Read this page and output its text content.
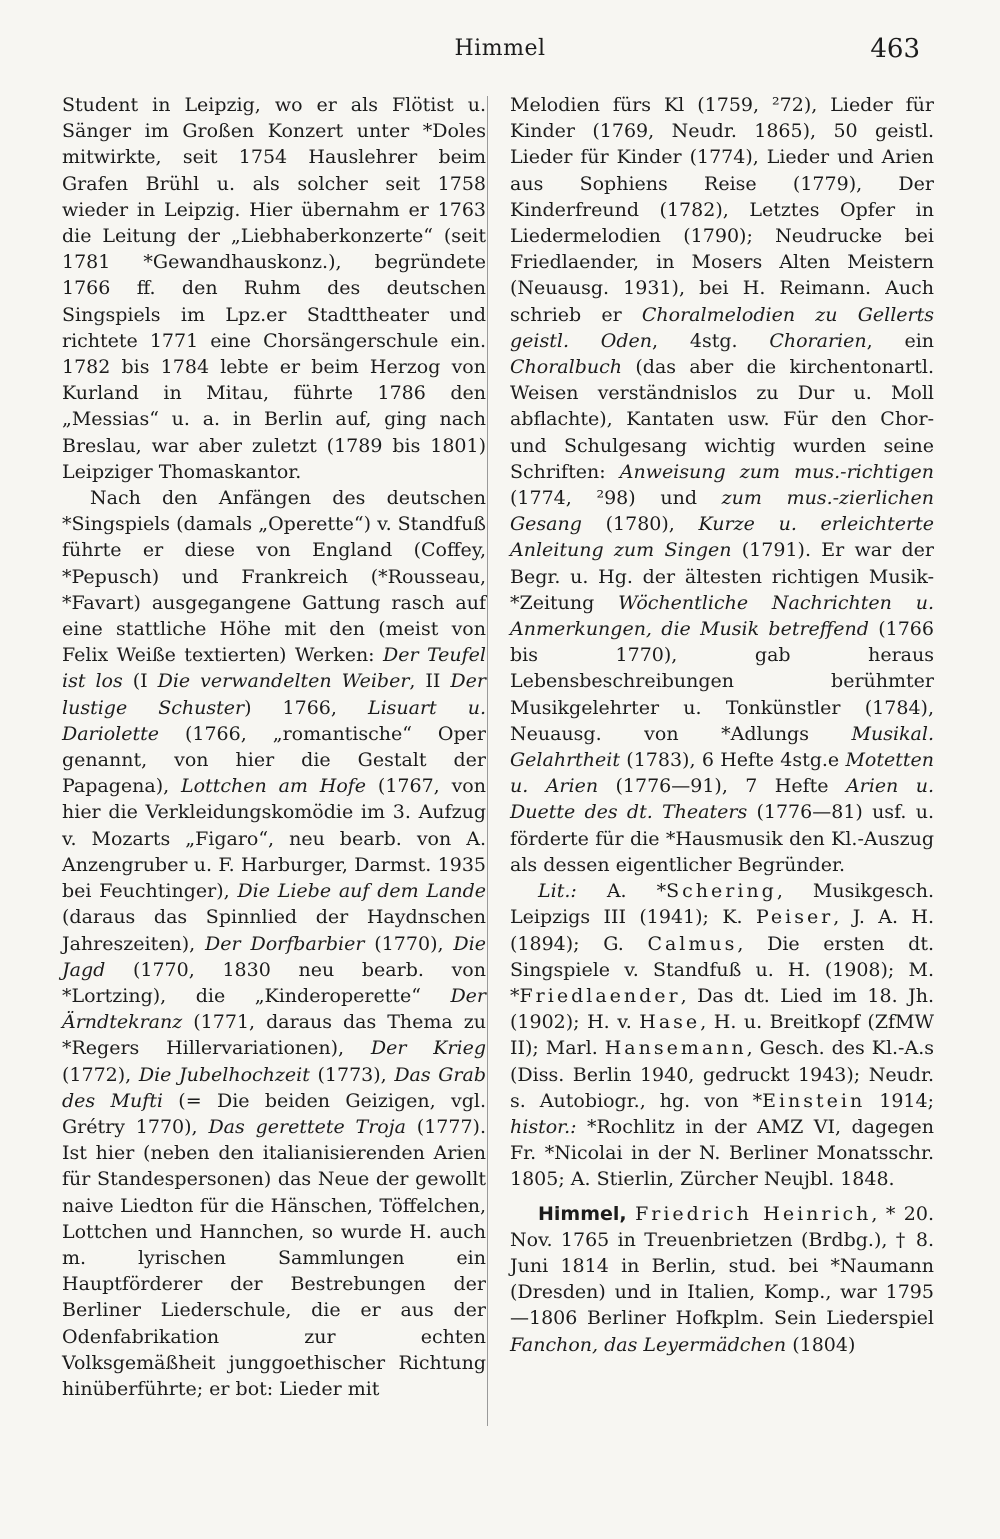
Himmel	463

Student in Leipzig, wo er als Flötist u. Sänger im Großen Konzert unter *Doles mitwirkte, seit 1754 Hauslehrer beim Grafen Brühl u. als solcher seit 1758 wieder in Leipzig. Hier übernahm er 1763 die Leitung der „Liebhaberkonzerte“ (seit 1781 *Gewandhauskonz.), begründete 1766 ff. den Ruhm des deutschen Singspiels im Lpz.er Stadttheater und richtete 1771 eine Chorsängerschule ein. 1782 bis 1784 lebte er beim Herzog von Kurland in Mitau, führte 1786 den „Messias“ u. a. in Berlin auf, ging nach Breslau, war aber zuletzt (1789 bis 1801) Leipziger Thomaskantor.

Nach den Anfängen des deutschen *Singspiels (damals „Operette“) v. Standfuß führte er diese von England (Coffey, *Pepusch) und Frankreich (*Rousseau, *Favart) ausgegangene Gattung rasch auf eine stattliche Höhe mit den (meist von Felix Weiße textierten) Werken: Der Teufel ist los (I Die verwandelten Weiber, II Der lustige Schuster) 1766, Lisuart u. Dariolette (1766, „romantische“ Oper genannt, von hier die Gestalt der Papagena), Lottchen am Hofe (1767, von hier die Verkleidungskomödie im 3. Aufzug v. Mozarts „Figaro“, neu bearb. von A. Anzengruber u. F. Harburger, Darmst. 1935 bei Feuchtinger), Die Liebe auf dem Lande (daraus das Spinnlied der Haydnschen Jahreszeiten), Der Dorfbarbier (1770), Die Jagd (1770, 1830 neu bearb. von *Lortzing), die „Kinderoperette“ Der Ärndtekranz (1771, daraus das Thema zu *Regers Hillervariationen), Der Krieg (1772), Die Jubelhochzeit (1773), Das Grab des Mufti (= Die beiden Geizigen, vgl. Grétry 1770), Das gerettete Troja (1777). Ist hier (neben den italianisierenden Arien für Standespersonen) das Neue der gewollt naive Liedton für die Hänschen, Töffelchen, Lottchen und Hannchen, so wurde H. auch m. lyrischen Sammlungen ein Hauptförderer der Bestrebungen der Berliner Liederschule, die er aus der Odenfabrikation zur echten Volksgemäßheit junggoethischer Richtung hinüberführte; er bot: Lieder mit

Melodien fürs Kl (1759, ²72), Lieder für Kinder (1769, Neudr. 1865), 50 geistl. Lieder für Kinder (1774), Lieder und Arien aus Sophiens Reise (1779), Der Kinderfreund (1782), Letztes Opfer in Liedermelodien (1790); Neudrucke bei Friedlaender, in Mosers Alten Meistern (Neuausg. 1931), bei H. Reimann. Auch schrieb er Choralmelodien zu Gellerts geistl. Oden, 4stg. Chorarien, ein Choralbuch (das aber die kirchentonartl. Weisen verständnislos zu Dur u. Moll abflachte), Kantaten usw. Für den Chor- und Schulgesang wichtig wurden seine Schriften: Anweisung zum mus.-richtigen (1774, ²98) und zum mus.-zierlichen Gesang (1780), Kurze u. erleichterte Anleitung zum Singen (1791). Er war der Begr. u. Hg. der ältesten richtigen Musik-*Zeitung Wöchentliche Nachrichten u. Anmerkungen, die Musik betreffend (1766 bis 1770), gab heraus Lebensbeschreibungen berühmter Musikgelehrter u. Tonkünstler (1784), Neuausg. von *Adlungs Musikal. Gelahrtheit (1783), 6 Hefte 4stg.e Motetten u. Arien (1776—91), 7 Hefte Arien u. Duette des dt. Theaters (1776—81) usf. u. förderte für die *Hausmusik den Kl.-Auszug als dessen eigentlicher Begründer.

Lit.: A. *Schering, Musikgesch. Leipzigs III (1941); K. Peiser, J. A. H. (1894); G. Calmus, Die ersten dt. Singspiele v. Standfuß u. H. (1908); M. *Friedlaender, Das dt. Lied im 18. Jh. (1902); H. v. Hase, H. u. Breitkopf (ZfMW II); Marl. Hansemann, Gesch. des Kl.-A.s (Diss. Berlin 1940, gedruckt 1943); Neudr. s. Autobiogr., hg. von *Einstein 1914; histor.: *Rochlitz in der AMZ VI, dagegen Fr. *Nicolai in der N. Berliner Monatsschr. 1805; A. Stierlin, Zürcher Neujbl. 1848.

Himmel, Friedrich Heinrich, * 20. Nov. 1765 in Treuenbrietzen (Brdbg.), † 8. Juni 1814 in Berlin, stud. bei *Naumann (Dresden) und in Italien, Komp., war 1795—1806 Berliner Hofkplm. Sein Liederspiel Fanchon, das Leyermädchen (1804)
